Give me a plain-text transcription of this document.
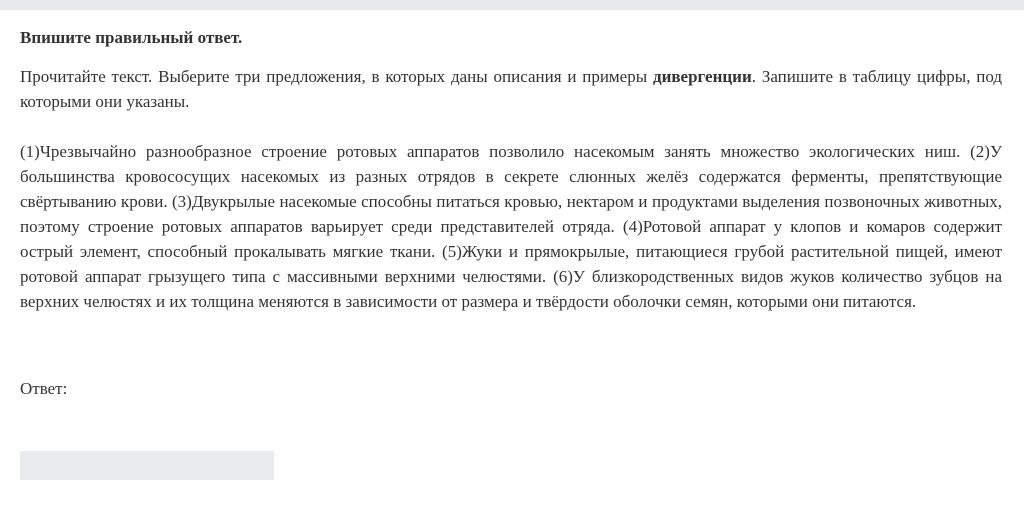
Впишите правильный ответ.

Прочитайте текст. Выберите три предложения, в которых даны описания и примеры дивергенции. Запишите в таблицу цифры, под которыми они указаны.

(1)Чрезвычайно разнообразное строение ротовых аппаратов позволило насекомым занять множество экологических ниш. (2)У большинства кровососущих насекомых из разных отрядов в секрете слюнных желёз содержатся ферменты, препятствующие свёртыванию крови. (3)Двукрылые насекомые способны питаться кровью, нектаром и продуктами выделения позвоночных животных, поэтому строение ротовых аппаратов варьирует среди представителей отряда. (4)Ротовой аппарат у клопов и комаров содержит острый элемент, способный прокалывать мягкие ткани. (5)Жуки и прямокрылые, питающиеся грубой растительной пищей, имеют ротовой аппарат грызущего типа с массивными верхними челюстями. (6)У близкородственных видов жуков количество зубцов на верхних челюстях и их толщина меняются в зависимости от размера и твёрдости оболочки семян, которыми они питаются.

Ответ:
